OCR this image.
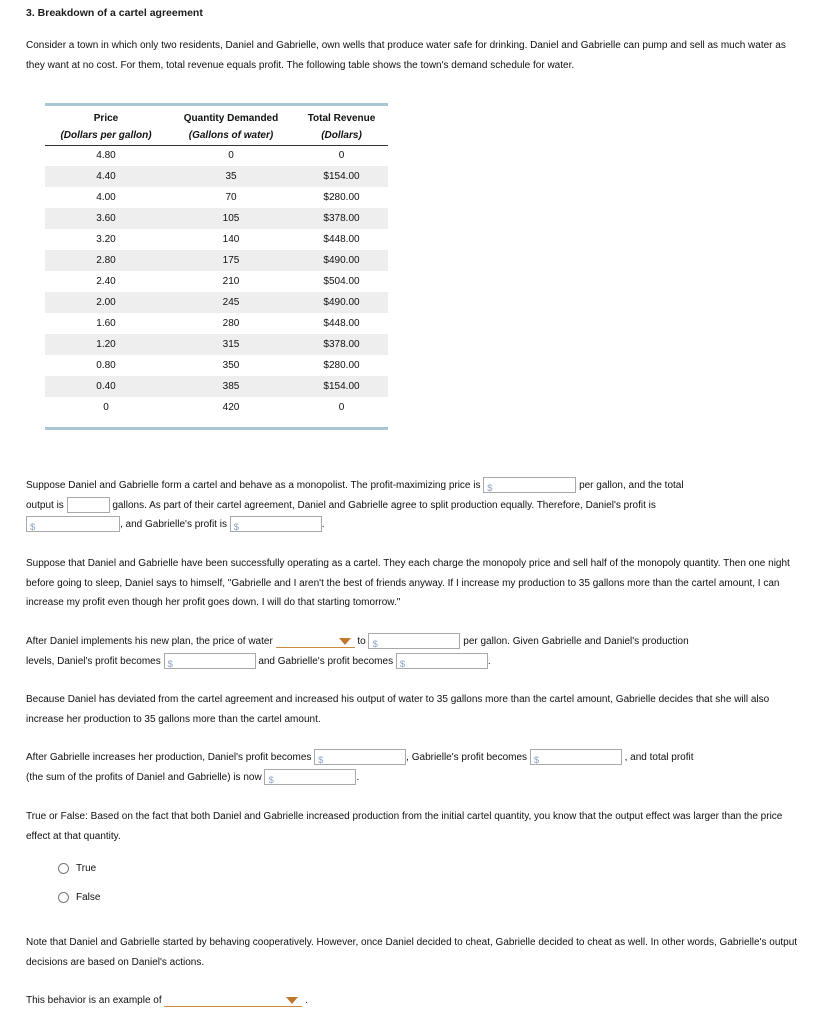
3. Breakdown of a cartel agreement
Consider a town in which only two residents, Daniel and Gabrielle, own wells that produce water safe for drinking. Daniel and Gabrielle can pump and sell as much water as they want at no cost. For them, total revenue equals profit. The following table shows the town's demand schedule for water.
Price	Quantity Demanded	Total Revenue
(Dollars per gallon)	(Gallons of water)	(Dollars)
4.80	0	0
4.40	35	$154.00
4.00	70	$280.00
3.60	105	$378.00
3.20	140	$448.00
2.80	175	$490.00
2.40	210	$504.00
2.00	245	$490.00
1.60	280	$448.00
1.20	315	$378.00
0.80	350	$280.00
0.40	385	$154.00
0	420	0
Suppose Daniel and Gabrielle form a cartel and behave as a monopolist. The profit-maximizing price is $	per gallon, and the total
output is	gallons. As part of their cartel agreement, Daniel and Gabrielle agree to split production equally. Therefore, Daniel's profit is

$	, and Gabrielle's profit is $	.
Suppose that Daniel and Gabrielle have been successfully operating as a cartel. They each charge the monopoly price and sell half of the monopoly quantity. Then one night before going to sleep, Daniel says to himself, "Gabrielle and I aren't the best of friends anyway. If I increase my production to 35 gallons more than the cartel amount, I can increase my profit even though her profit goes down. I will do that starting tomorrow."
After Daniel implements his new plan, the price of water	to $	per gallon. Given Gabrielle and Daniel's production
levels, Daniel's profit becomes $	and Gabrielle's profit becomes $	.
Because Daniel has deviated from the cartel agreement and increased his output of water to 35 gallons more than the cartel amount, Gabrielle decides that she will also increase her production to 35 gallons more than the cartel amount.
After Gabrielle increases her production, Daniel's profit becomes $	, Gabrielle's profit becomes $	, and total profit
(the sum of the profits of Daniel and Gabrielle) is now $	.
True or False: Based on the fact that both Daniel and Gabrielle increased production from the initial cartel quantity, you know that the output effect was larger than the price effect at that quantity.
True
False
Note that Daniel and Gabrielle started by behaving cooperatively. However, once Daniel decided to cheat, Gabrielle decided to cheat as well. In other words, Gabrielle's output decisions are based on Daniel's actions.
This behavior is an example of	.
